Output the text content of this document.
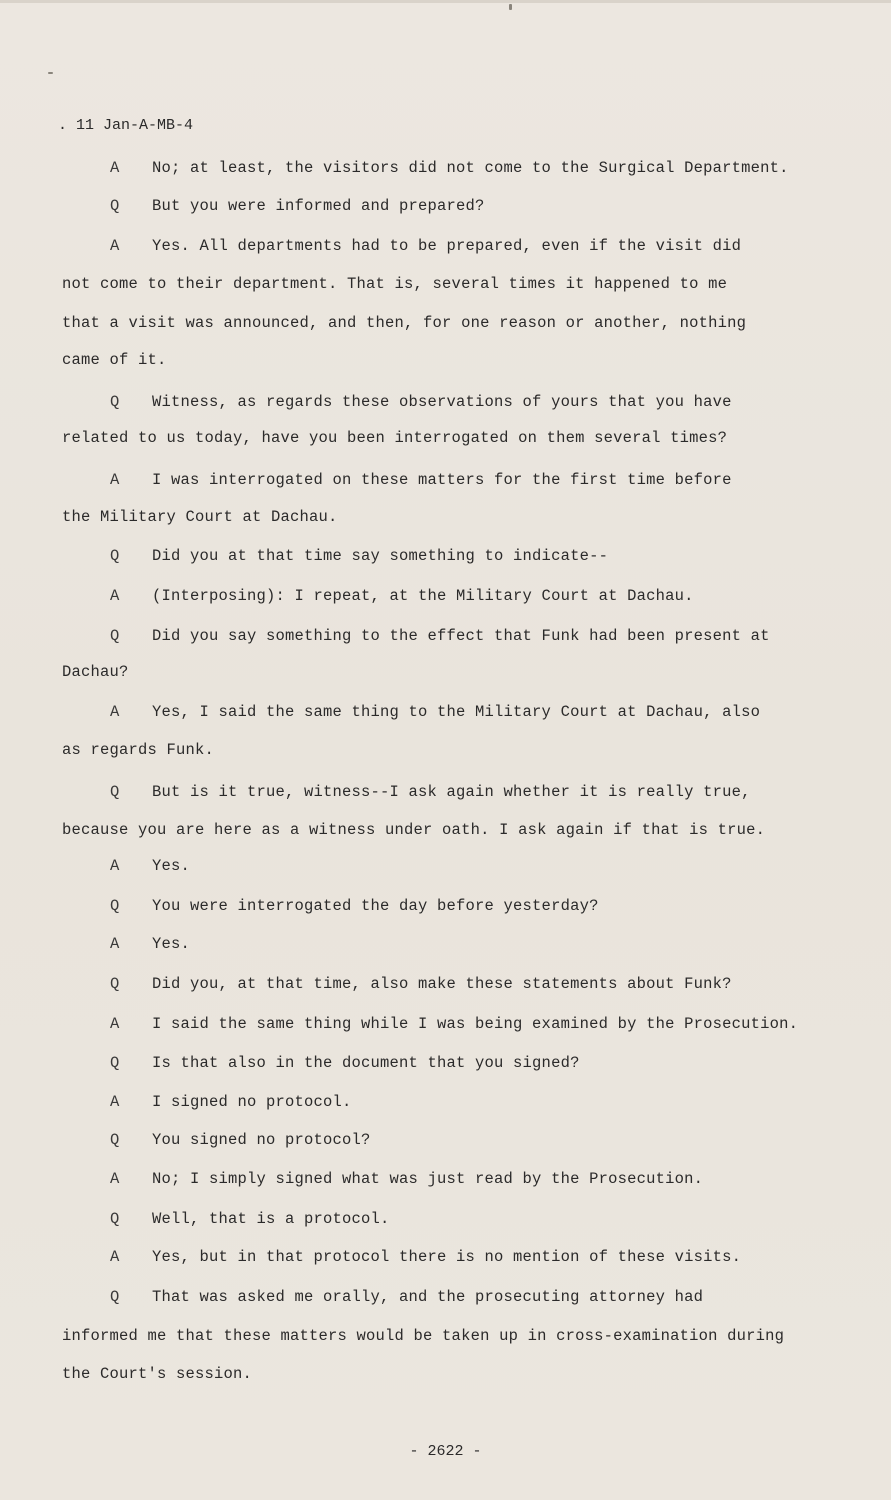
. 11 Jan-A-MB-4
A No; at least, the visitors did not come to the Surgical Department.
Q But you were informed and prepared?
A Yes. All departments had to be prepared, even if the visit did
not come to their department. That is, several times it happened to me
that a visit was announced, and then, for one reason or another, nothing
came of it.
Q Witness, as regards these observations of yours that you have
related to us today, have you been interrogated on them several times?
A I was interrogated on these matters for the first time before
the Military Court at Dachau.
Q Did you at that time say something to indicate--
A (Interposing): I repeat, at the Military Court at Dachau.
Q Did you say something to the effect that Funk had been present at
Dachau?
A Yes, I said the same thing to the Military Court at Dachau, also
as regards Funk.
Q But is it true, witness--I ask again whether it is really true,
because you are here as a witness under oath. I ask again if that is true.
A Yes.
Q You were interrogated the day before yesterday?
A Yes.
Q Did you, at that time, also make these statements about Funk?
A I said the same thing while I was being examined by the Prosecution.
Q Is that also in the document that you signed?
A I signed no protocol.
Q You signed no protocol?
A No; I simply signed what was just read by the Prosecution.
Q Well, that is a protocol.
A Yes, but in that protocol there is no mention of these visits.
Q That was asked me orally, and the prosecuting attorney had
informed me that these matters would be taken up in cross-examination during
the Court's session.
- 2622 -
